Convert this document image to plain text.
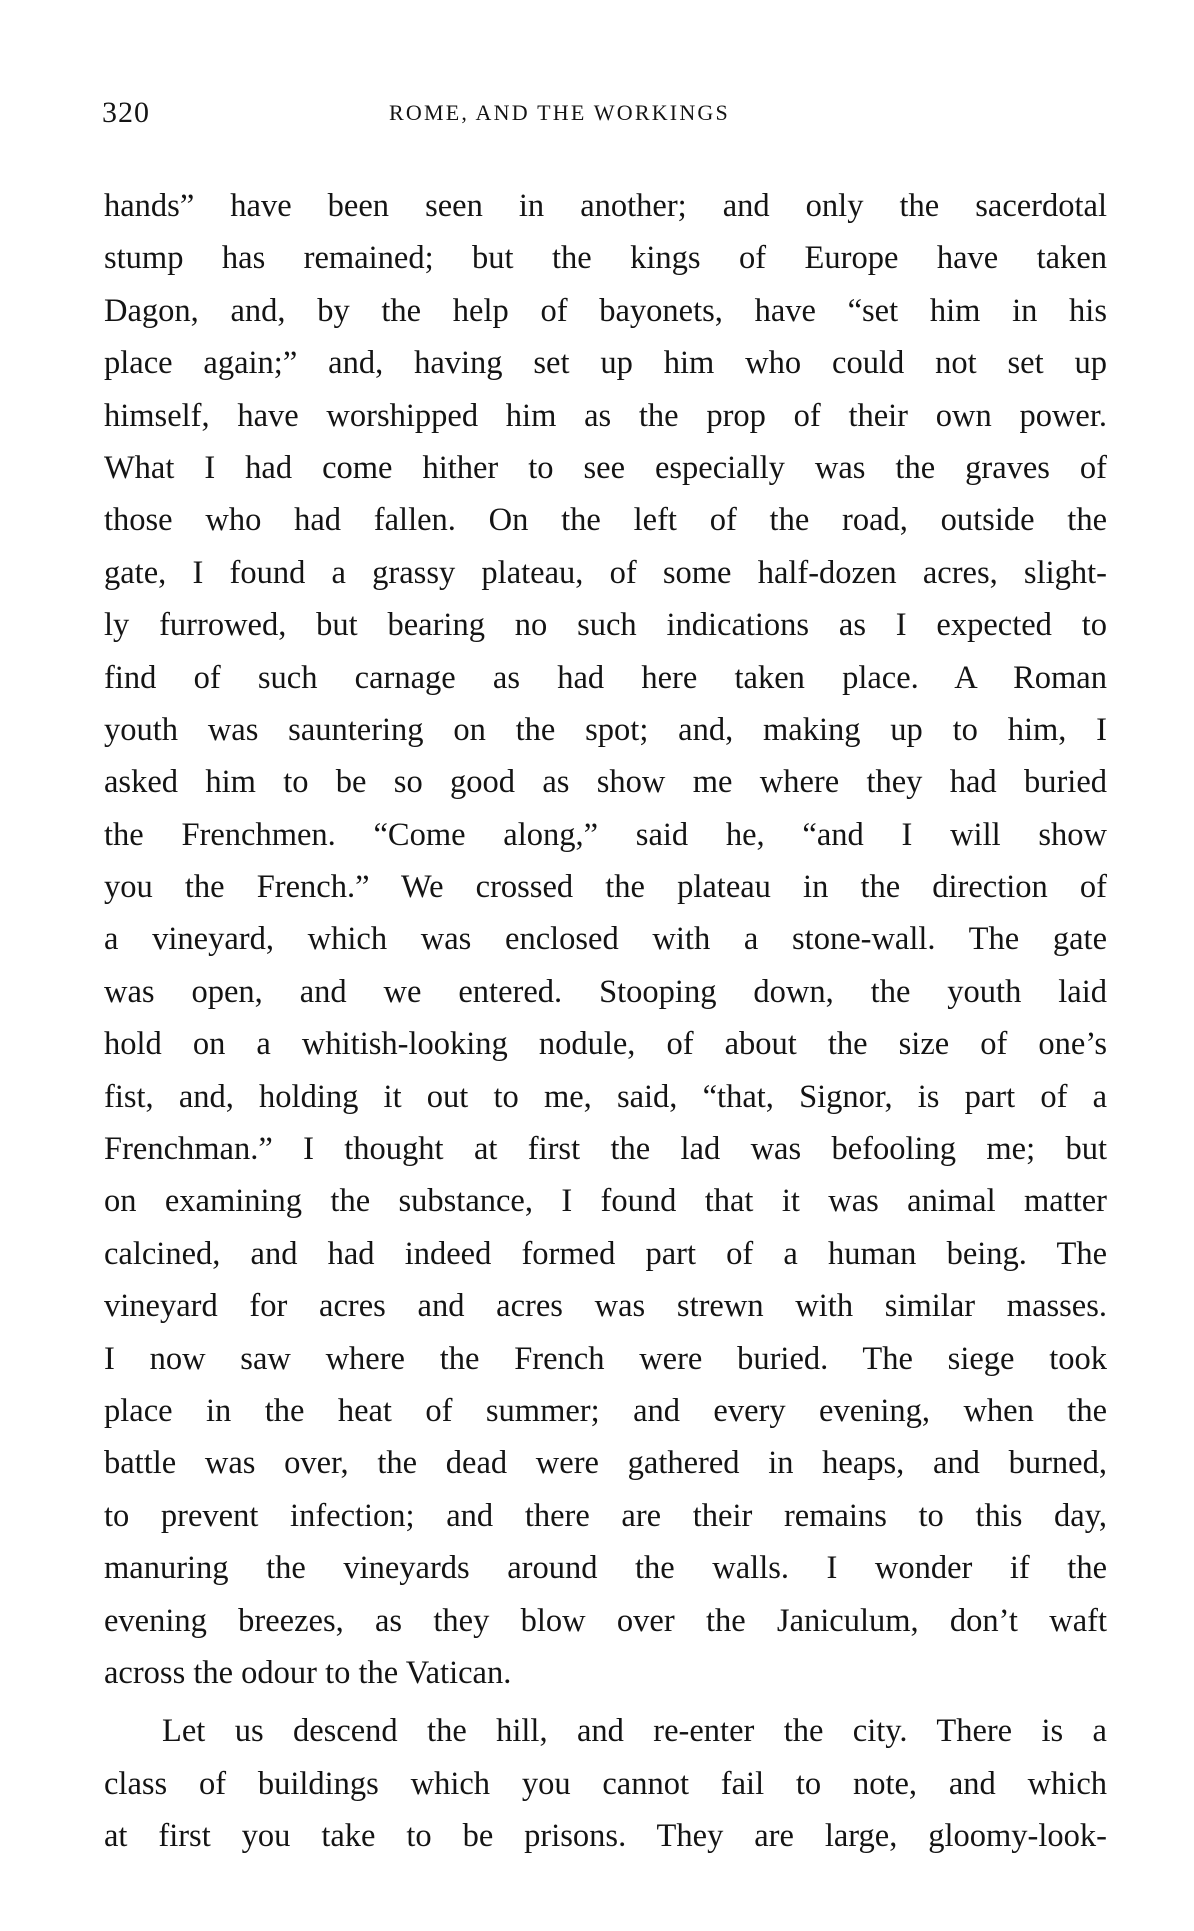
320	ROME, AND THE WORKINGS
hands” have been seen in another; and only the sacerdotal
stump has remained; but the kings of Europe have taken
Dagon, and, by the help of bayonets, have “set him in his
place again;” and, having set up him who could not set up
himself, have worshipped him as the prop of their own power.
What I had come hither to see especially was the graves of
those who had fallen. On the left of the road, outside the
gate, I found a grassy plateau, of some half-dozen acres, slight-
ly furrowed, but bearing no such indications as I expected to
find of such carnage as had here taken place. A Roman
youth was sauntering on the spot; and, making up to him, I
asked him to be so good as show me where they had buried
the Frenchmen. “Come along,” said he, “and I will show
you the French.” We crossed the plateau in the direction of
a vineyard, which was enclosed with a stone-wall. The gate
was open, and we entered. Stooping down, the youth laid
hold on a whitish-looking nodule, of about the size of one’s
fist, and, holding it out to me, said, “that, Signor, is part of a
Frenchman.” I thought at first the lad was befooling me; but
on examining the substance, I found that it was animal matter
calcined, and had indeed formed part of a human being. The
vineyard for acres and acres was strewn with similar masses.
I now saw where the French were buried. The siege took
place in the heat of summer; and every evening, when the
battle was over, the dead were gathered in heaps, and burned,
to prevent infection; and there are their remains to this day,
manuring the vineyards around the walls. I wonder if the
evening breezes, as they blow over the Janiculum, don’t waft
across the odour to the Vatican.
Let us descend the hill, and re-enter the city. There is a
class of buildings which you cannot fail to note, and which
at first you take to be prisons. They are large, gloomy-look-
